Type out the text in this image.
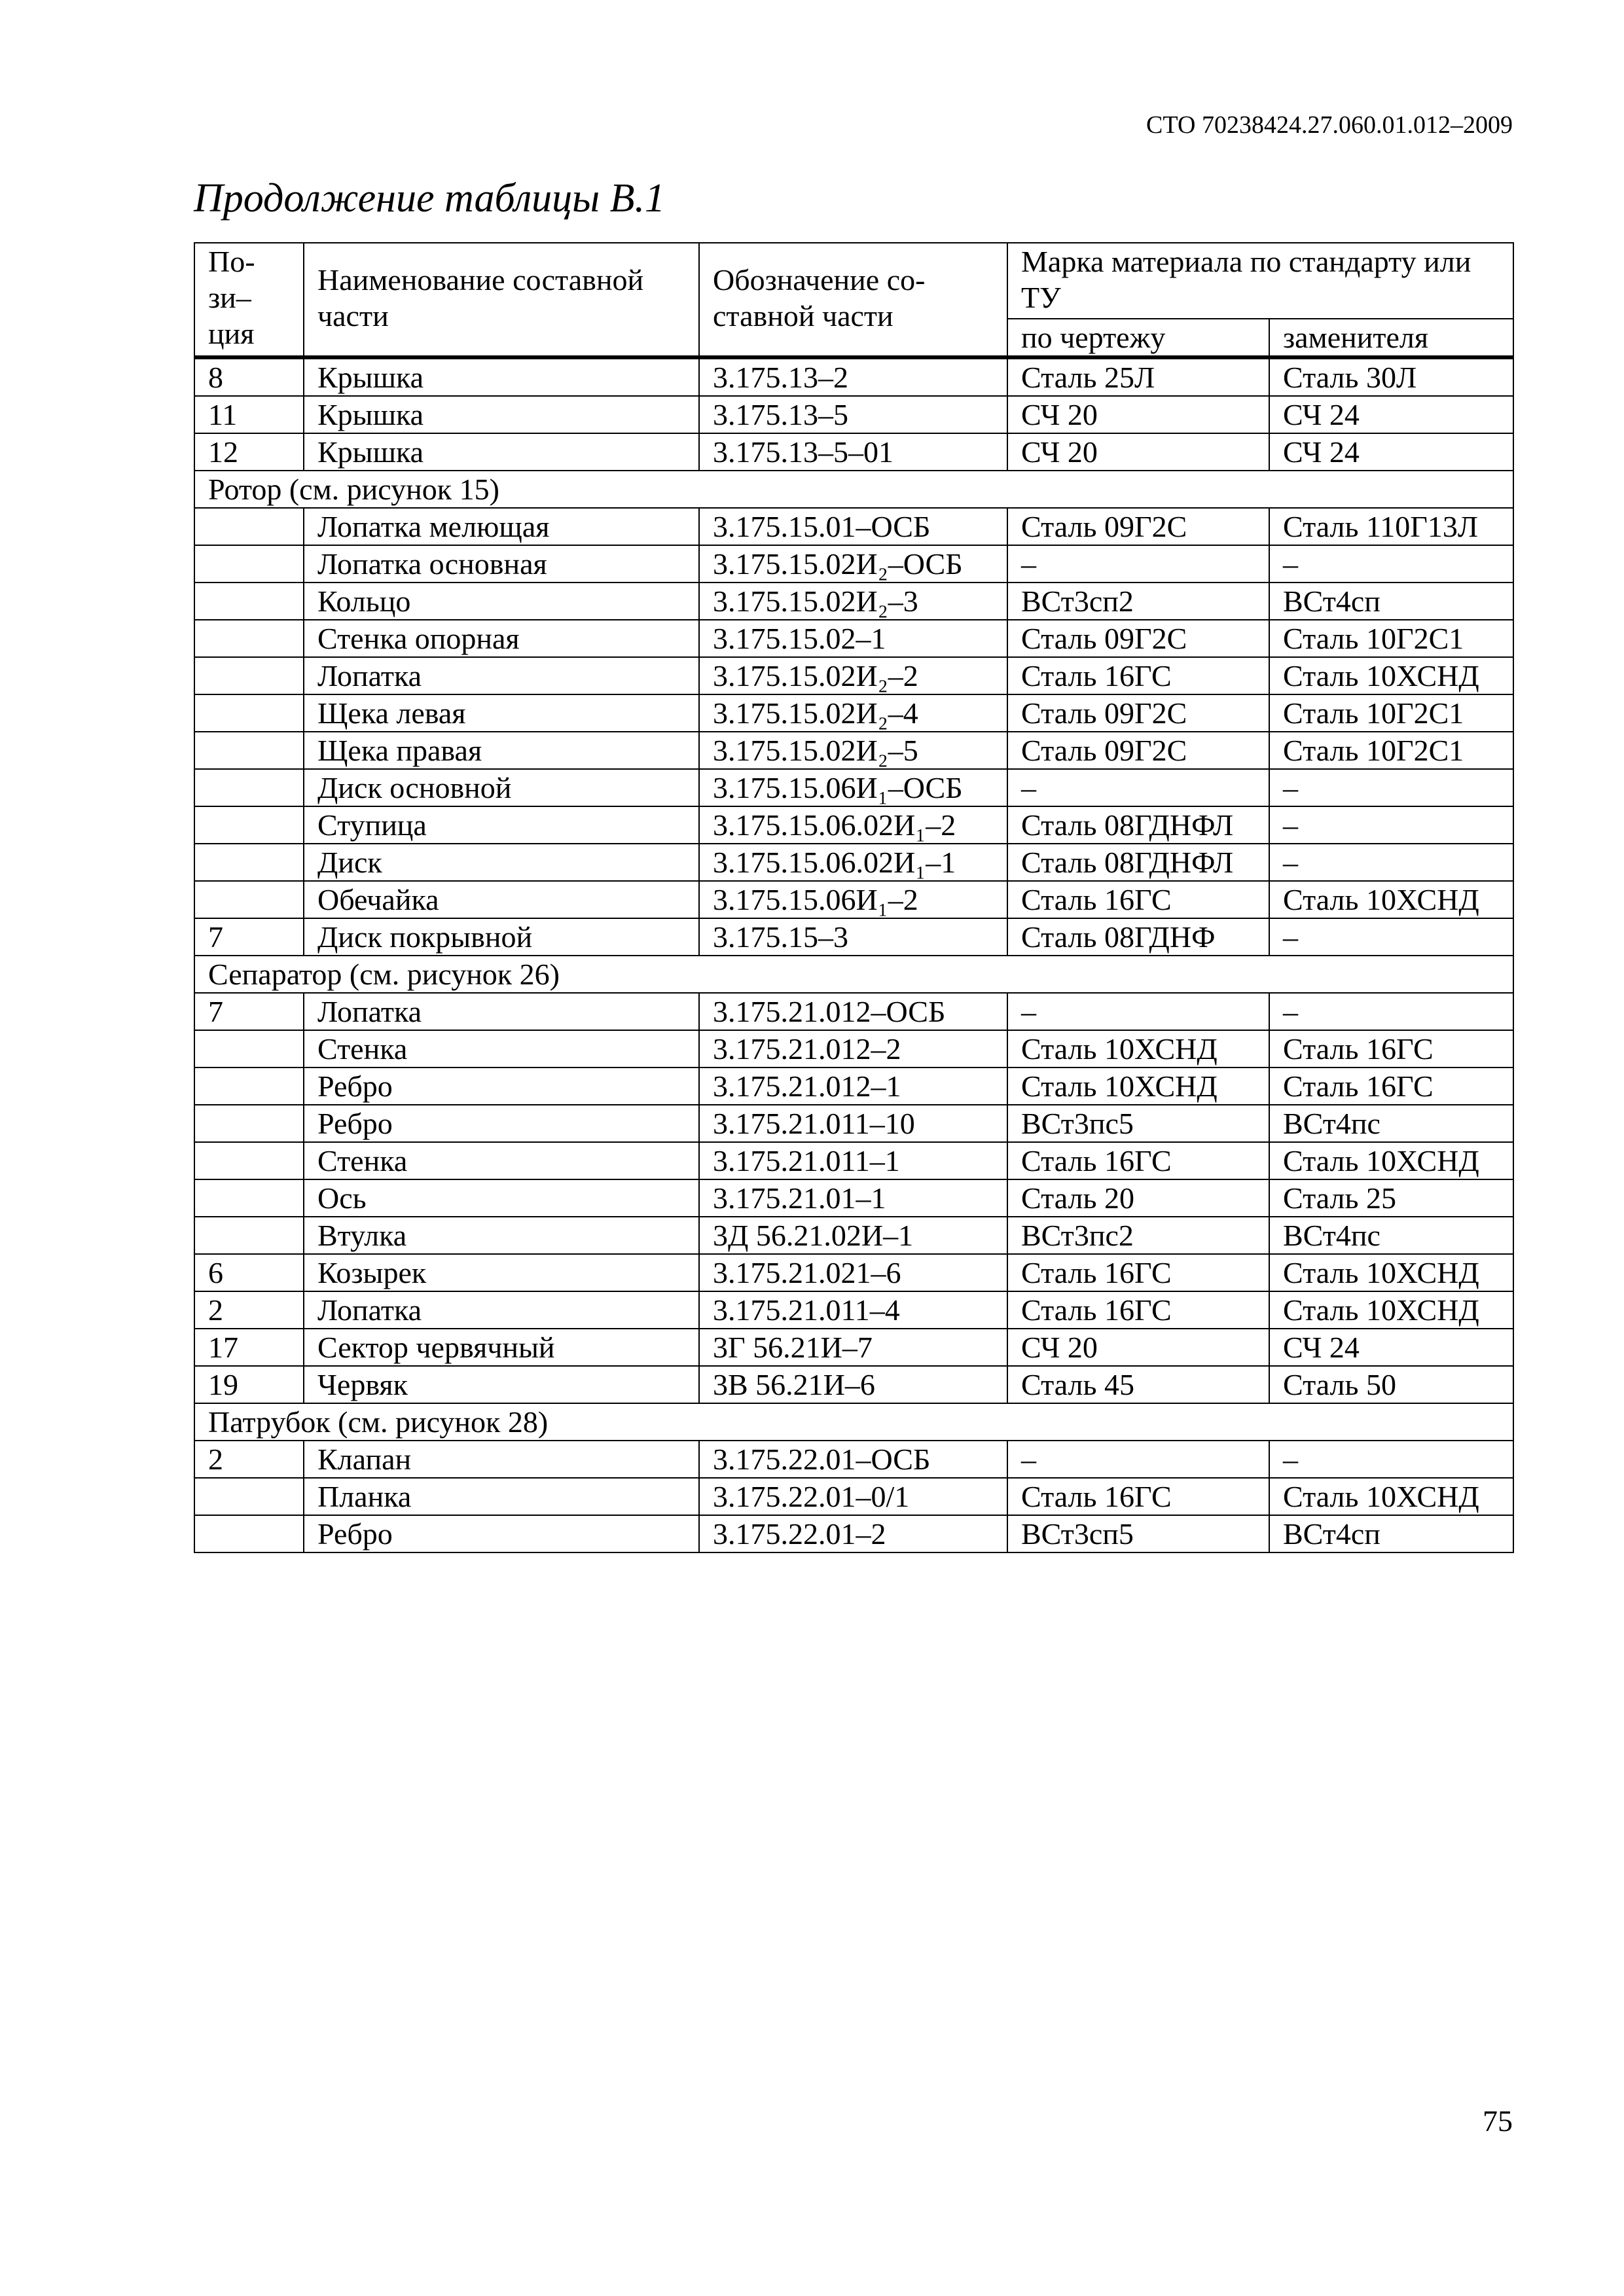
СТО 70238424.27.060.01.012–2009
Продолжение таблицы В.1
По-
зи–
ция	Наименование составной части	Обозначение со-ставной части	Марка материала по стандарту или ТУ	
			по чертежу	заменителя
8	Крышка	3.175.13–2	Сталь 25Л	Сталь 30Л
11	Крышка	3.175.13–5	СЧ 20	СЧ 24
12	Крышка	3.175.13–5–01	СЧ 20	СЧ 24
Ротор (см. рисунок 15)				
	Лопатка мелющая	3.175.15.01–ОСБ	Сталь 09Г2С	Сталь 110Г13Л
	Лопатка основная	3.175.15.02И₂–ОСБ	–	–
	Кольцо	3.175.15.02И₂–3	ВСт3сп2	ВСт4сп
	Стенка опорная	3.175.15.02–1	Сталь 09Г2С	Сталь 10Г2С1
	Лопатка	3.175.15.02И₂–2	Сталь 16ГС	Сталь 10ХСНД
	Щека левая	3.175.15.02И₂–4	Сталь 09Г2С	Сталь 10Г2С1
	Щека правая	3.175.15.02И₂–5	Сталь 09Г2С	Сталь 10Г2С1
	Диск основной	3.175.15.06И₁–ОСБ	–	–
	Ступица	3.175.15.06.02И₁–2	Сталь 08ГДНФЛ	–
	Диск	3.175.15.06.02И₁–1	Сталь 08ГДНФЛ	–
	Обечайка	3.175.15.06И₁–2	Сталь 16ГС	Сталь 10ХСНД
7	Диск покрывной	3.175.15–3	Сталь 08ГДНФ	–
Сепаратор (см. рисунок 26)				
7	Лопатка	3.175.21.012–ОСБ	–	–
	Стенка	3.175.21.012–2	Сталь 10ХСНД	Сталь 16ГС
	Ребро	3.175.21.012–1	Сталь 10ХСНД	Сталь 16ГС
	Ребро	3.175.21.011–10	ВСт3пс5	ВСт4пс
	Стенка	3.175.21.011–1	Сталь 16ГС	Сталь 10ХСНД
	Ось	3.175.21.01–1	Сталь 20	Сталь 25
	Втулка	3Д 56.21.02И–1	ВСт3пс2	ВСт4пс
6	Козырек	3.175.21.021–6	Сталь 16ГС	Сталь 10ХСНД
2	Лопатка	3.175.21.011–4	Сталь 16ГС	Сталь 10ХСНД
17	Сектор червячный	3Г 56.21И–7	СЧ 20	СЧ 24
19	Червяк	3В 56.21И–6	Сталь 45	Сталь 50
Патрубок (см. рисунок 28)				
2	Клапан	3.175.22.01–ОСБ	–	–
	Планка	3.175.22.01–0/1	Сталь 16ГС	Сталь 10ХСНД
	Ребро	3.175.22.01–2	ВСт3сп5	ВСт4сп
75
